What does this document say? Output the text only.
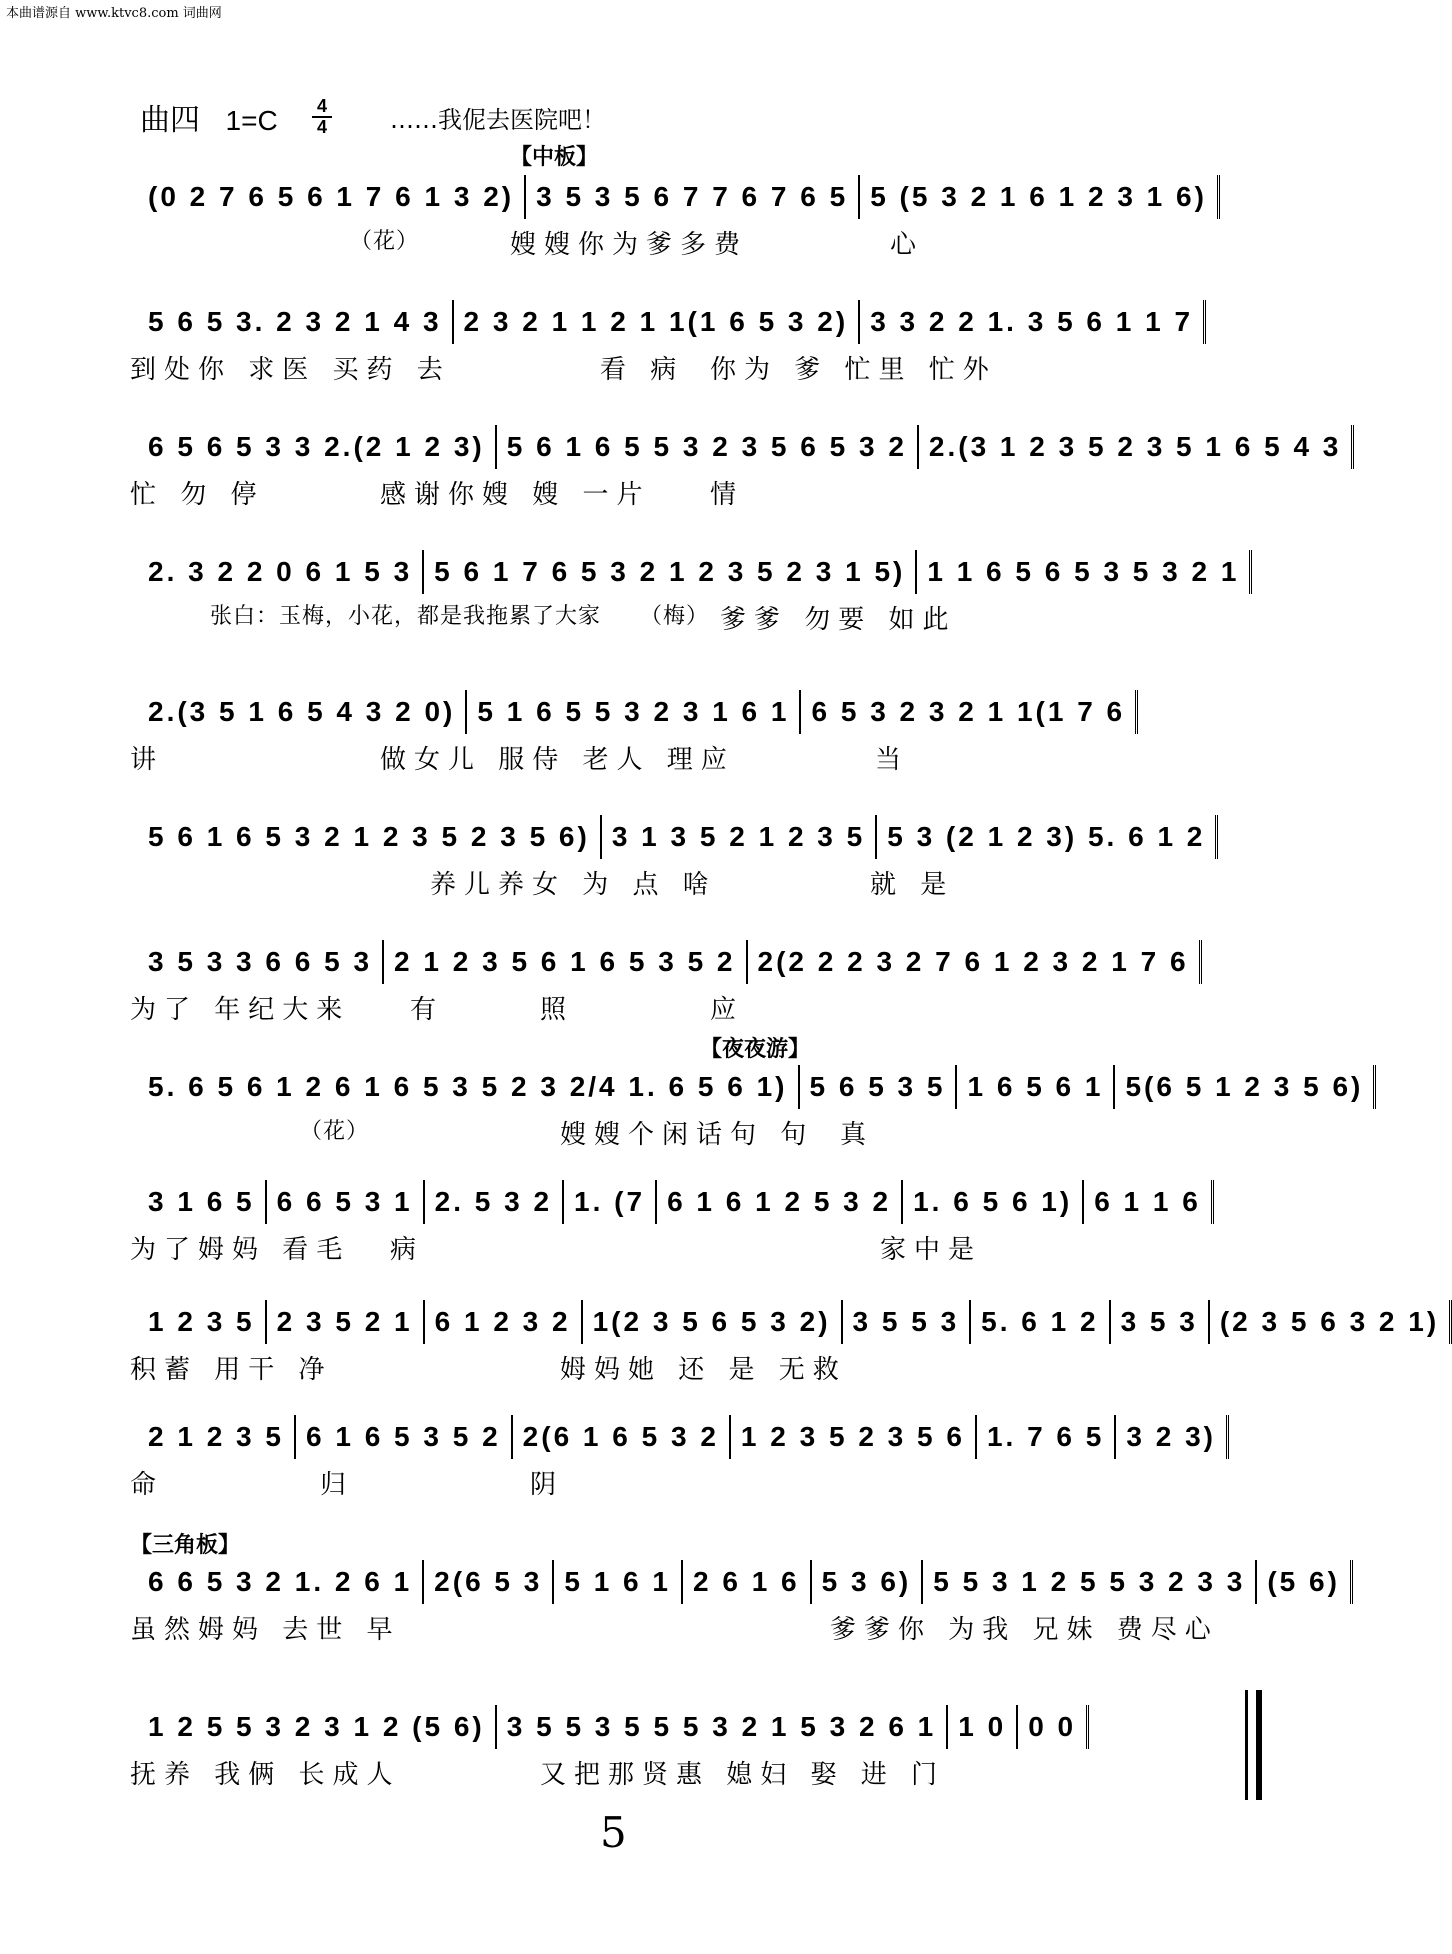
本曲谱源自 www.ktvc8.com 词曲网
曲四 1=C 4
4	……我伲去医院吧！
【中板】
【夜夜游】
【三角板】
(0 2 7 6 5 6 1 7 6 1 3 2) 3 5 3 5 6 7 7 6 7 6 5 5 (5 3 2 1 6 1 2 3 1 6)
（花）	嫂嫂你为爹多费	心
5 6 5 3. 2 3 2 1 4 3 2 3 2 1 1 2 1 1(1 6 5 3 2) 3 3 2 2 1. 3 5 6 1 1 7
到处你 求医 买药 去	看 病 你为 爹 忙里 忙外
6 5 6 5 3 3 2.(2 1 2 3) 5 6 1 6 5 5 3 2 3 5 6 5 3 2 2.(3 1 2 3 5 2 3 5 1 6 5 4 3
忙 勿 停	感谢你嫂 嫂 一片 情
2. 3 2 2 0 6 1 5 3 5 6 1 7 6 5 3 2 1 2 3 5 2 3 1 5) 1 1 6 5 6 5 3 5 3 2 1
张白：玉梅，小花，都是我拖累了大家 （梅） 爹爹 勿要 如此
2.(3 5 1 6 5 4 3 2 0) 5 1 6 5 5 3 2 3 1 6 1 6 5 3 2 3 2 1 1(1 7 6
讲	做女儿 服侍 老人 理应	当
5 6 1 6 5 3 2 1 2 3 5 2 3 5 6) 3 1 3 5 2 1 2 3 5 5 3 (2 1 2 3) 5. 6 1 2
养儿养女 为 点 啥	就 是
3 5 3 3 6 6 5 3 2 1 2 3 5 6 1 6 5 3 5 2 2(2 2 2 3 2 7 6 1 2 3 2 1 7 6
为了 年纪大来 有	照	应
5. 6 5 6 1 2 6 1 6 5 3 5 2 3 2/4 1. 6 5 6 1) 5 6 5 3 5 1 6 5 6 1 5(6 5 1 2 3 5 6)
（花）	嫂嫂个闲话句 句 真
3 1 6 5 6 6 5 3 1 2. 5 3 2 1. (7 6 1 6 1 2 5 3 2 1. 6 5 6 1) 6 1 1 6
为了姆妈 看毛 病	家中是
1 2 3 5 2 3 5 2 1 6 1 2 3 2 1(2 3 5 6 5 3 2) 3 5 5 3 5. 6 1 2 3 5 3 (2 3 5 6 3 2 1)
积蓄 用干 净	姆妈她 还 是 无救
2 1 2 3 5 6 1 6 5 3 5 2 2(6 1 6 5 3 2 1 2 3 5 2 3 5 6 1. 7 6 5 3 2 3)
命	归	阴
6 6 5 3 2 1. 2 6 1 2(6 5 3 5 1 6 1 2 6 1 6 5 3 6) 5 5 3 1 2 5 5 3 2 3 3 (5 6)
虽然姆妈 去世 早	爹爹你 为我 兄妹 费尽心
1 2 5 5 3 2 3 1 2 (5 6) 3 5 5 3 5 5 5 3 2 1 5 3 2 6 1 1 0 0 0
抚养 我俩 长成人	又把那贤惠 媳妇 娶 进 门
5
